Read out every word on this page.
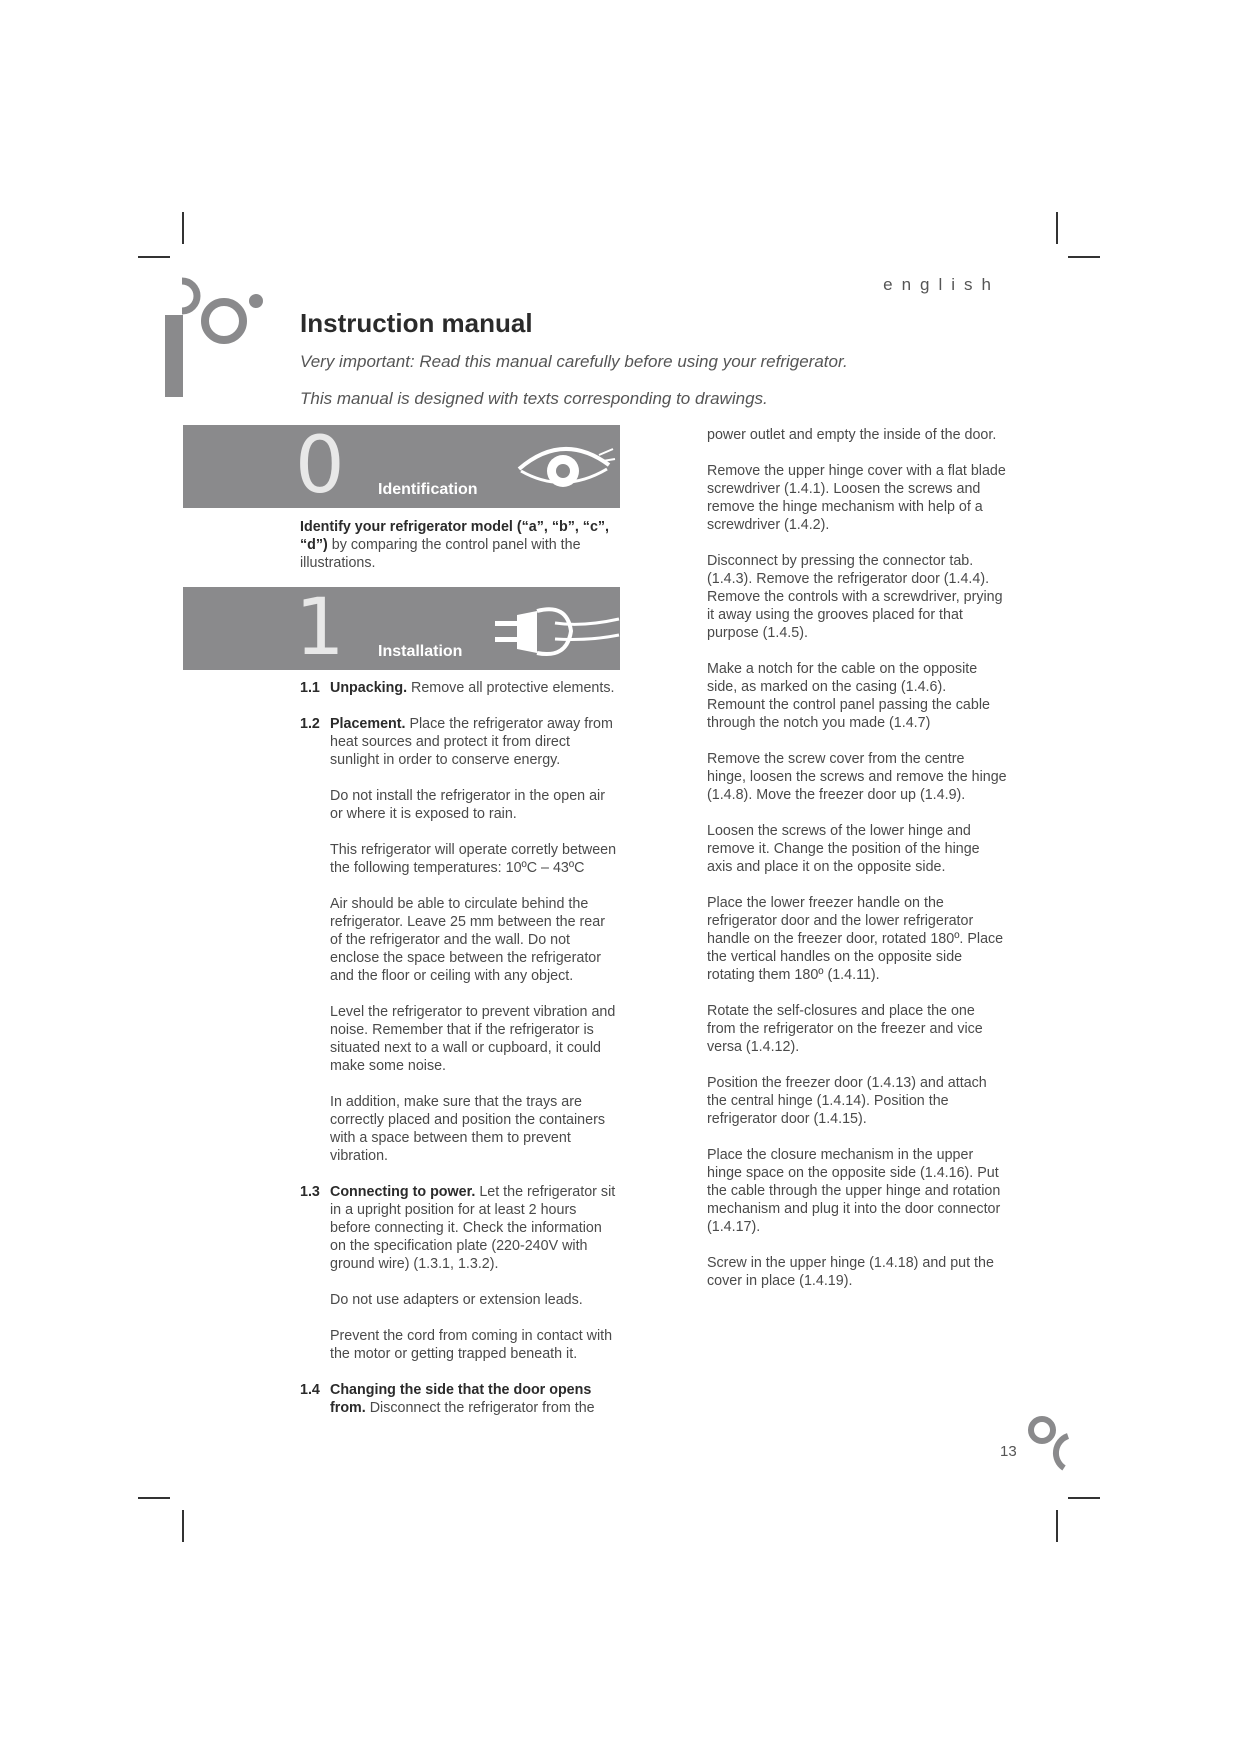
english
Instruction manual
Very important: Read this manual carefully before using your refrigerator.
This manual is designed with texts corresponding to drawings.
0 Identification
Identify your refrigerator model (“a”, “b”, “c”, “d”) by comparing the control panel with the illustrations.
1 Installation
1.1 Unpacking. Remove all protective elements.
1.2 Placement. Place the refrigerator away from heat sources and protect it from direct sunlight in order to conserve energy.

Do not install the refrigerator in the open air or where it is exposed to rain.

This refrigerator will operate corretly between the following temperatures: 10ºC – 43ºC

Air should be able to circulate behind the refrigerator. Leave 25 mm between the rear of the refrigerator and the wall. Do not enclose the space between the refrigerator and the floor or ceiling with any object.

Level the refrigerator to prevent vibration and noise. Remember that if the refrigerator is situated next to a wall or cupboard, it could make some noise.

In addition, make sure that the trays are correctly placed and position the containers with a space between them to prevent vibration.

1.3 Connecting to power. Let the refrigerator sit in a upright position for at least 2 hours before connecting it. Check the information on the specification plate (220-240V with ground wire) (1.3.1, 1.3.2).

Do not use adapters or extension leads.

Prevent the cord from coming in contact with the motor or getting trapped beneath it.

1.4 Changing the side that the door opens from. Disconnect the refrigerator from the

power outlet and empty the inside of the door.

Remove the upper hinge cover with a flat blade screwdriver (1.4.1). Loosen the screws and remove the hinge mechanism with help of a screwdriver (1.4.2).

Disconnect by pressing the connector tab. (1.4.3). Remove the refrigerator door (1.4.4). Remove the controls with a screwdriver, prying it away using the grooves placed for that purpose (1.4.5).

Make a notch for the cable on the opposite side, as marked on the casing (1.4.6). Remount the control panel passing the cable through the notch you made (1.4.7)

Remove the screw cover from the centre hinge, loosen the screws and remove the hinge (1.4.8). Move the freezer door up (1.4.9).

Loosen the screws of the lower hinge and remove it. Change the position of the hinge axis and place it on the opposite side.

Place the lower freezer handle on the refrigerator door and the lower refrigerator handle on the freezer door, rotated 180º. Place the vertical handles on the opposite side rotating them 180º (1.4.11).

Rotate the self-closures and place the one from the refrigerator on the freezer and vice versa (1.4.12).

Position the freezer door (1.4.13) and attach the central hinge (1.4.14). Position the refrigerator door (1.4.15).

Place the closure mechanism in the upper hinge space on the opposite side (1.4.16). Put the cable through the upper hinge and rotation mechanism and plug it into the door connector (1.4.17).

Screw in the upper hinge (1.4.18) and put the cover in place (1.4.19).

13
